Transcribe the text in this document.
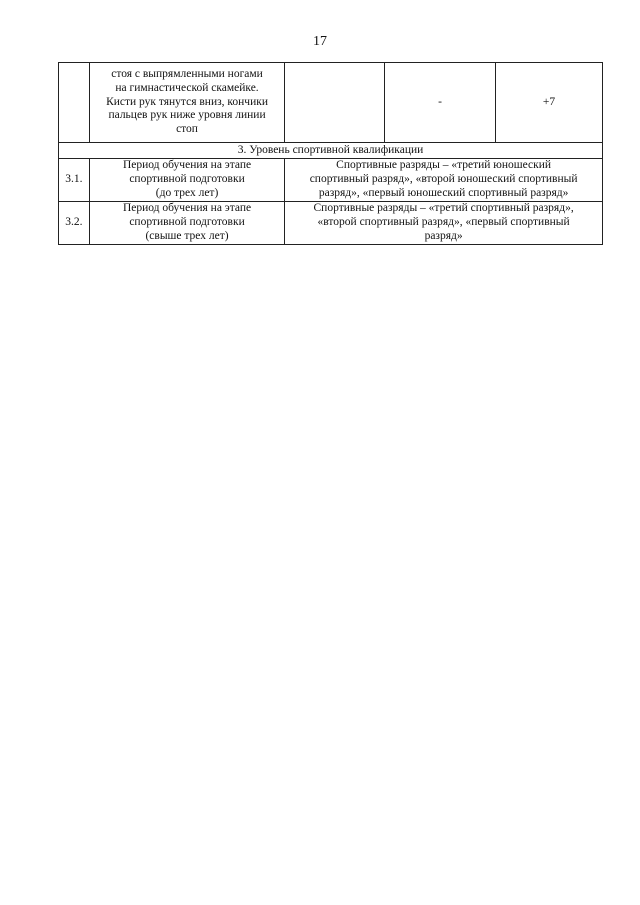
17

	стоя с выпрямленными ногами
на гимнастической скамейке.
Кисти рук тянутся вниз, кончики
пальцев рук ниже уровня линии
стоп		-	+7
3. Уровень спортивной квалификации				
3.1.	Период обучения на этапе
спортивной подготовки
(до трех лет)	Спортивные разряды – «третий юношеский
спортивный разряд», «второй юношеский спортивный
разряд», «первый юношеский спортивный разряд»		

3.2.	Период обучения на этапе
спортивной подготовки
(свыше трех лет)	Спортивные разряды – «третий спортивный разряд»,
«второй спортивный разряд», «первый спортивный
разряд»		
